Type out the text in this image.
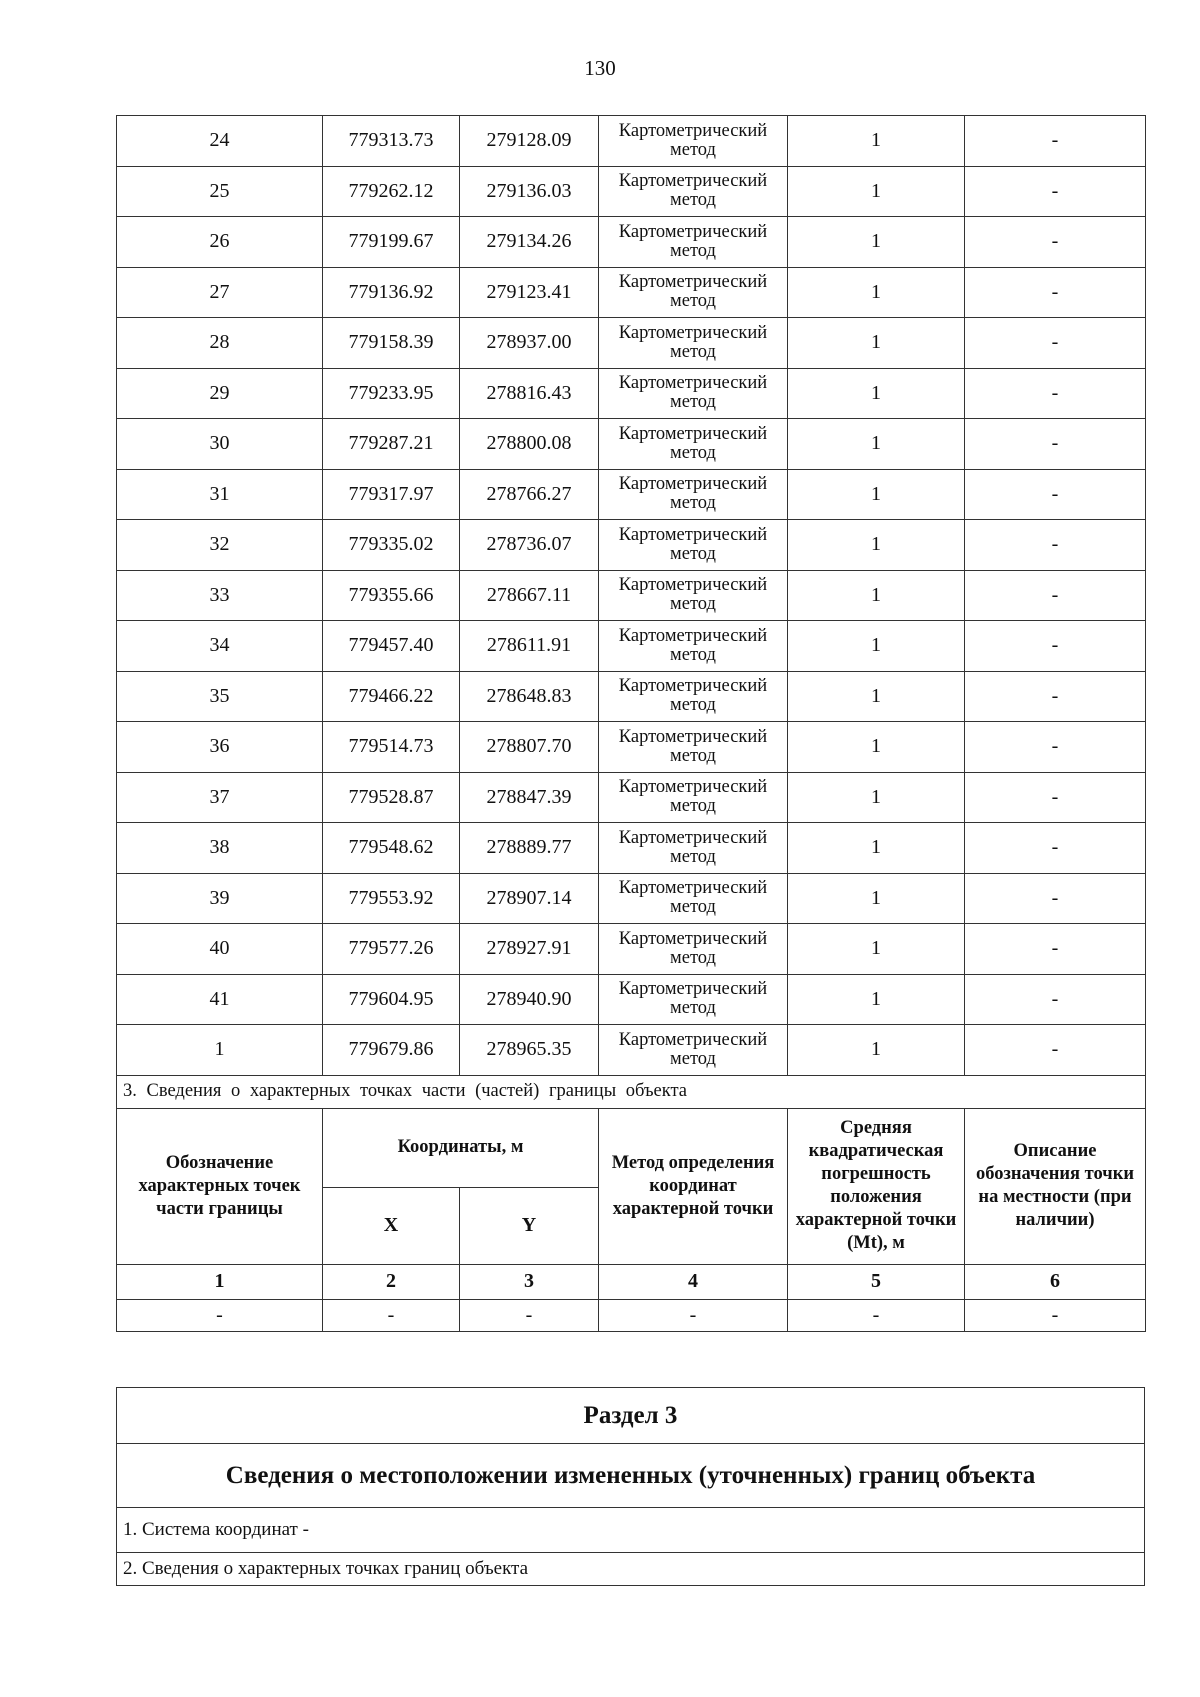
130
24	779313.73	279128.09	Картометрический метод	1	-
25	779262.12	279136.03	Картометрический метод	1	-
26	779199.67	279134.26	Картометрический метод	1	-
27	779136.92	279123.41	Картометрический метод	1	-
28	779158.39	278937.00	Картометрический метод	1	-
29	779233.95	278816.43	Картометрический метод	1	-
30	779287.21	278800.08	Картометрический метод	1	-
31	779317.97	278766.27	Картометрический метод	1	-
32	779335.02	278736.07	Картометрический метод	1	-
33	779355.66	278667.11	Картометрический метод	1	-
34	779457.40	278611.91	Картометрический метод	1	-
35	779466.22	278648.83	Картометрический метод	1	-
36	779514.73	278807.70	Картометрический метод	1	-
37	779528.87	278847.39	Картометрический метод	1	-
38	779548.62	278889.77	Картометрический метод	1	-
39	779553.92	278907.14	Картометрический метод	1	-
40	779577.26	278927.91	Картометрический метод	1	-
41	779604.95	278940.90	Картометрический метод	1	-
1	779679.86	278965.35	Картометрический метод	1	-
3. Сведения о характерных точках части (частей) границы объекта					
Обозначение характерных точек части границы	Координаты, м		Метод определения координат характерной точки	Средняя квадратическая погрешность положения характерной точки (Mt), м	Описание обозначения точки на местности (при наличии)
	X	Y			
1	2	3	4	5	6
-	-	-	-	-	-
Раздел 3
Сведения о местоположении измененных (уточненных) границ объекта
1. Система координат -
2. Сведения о характерных точках границ объекта
